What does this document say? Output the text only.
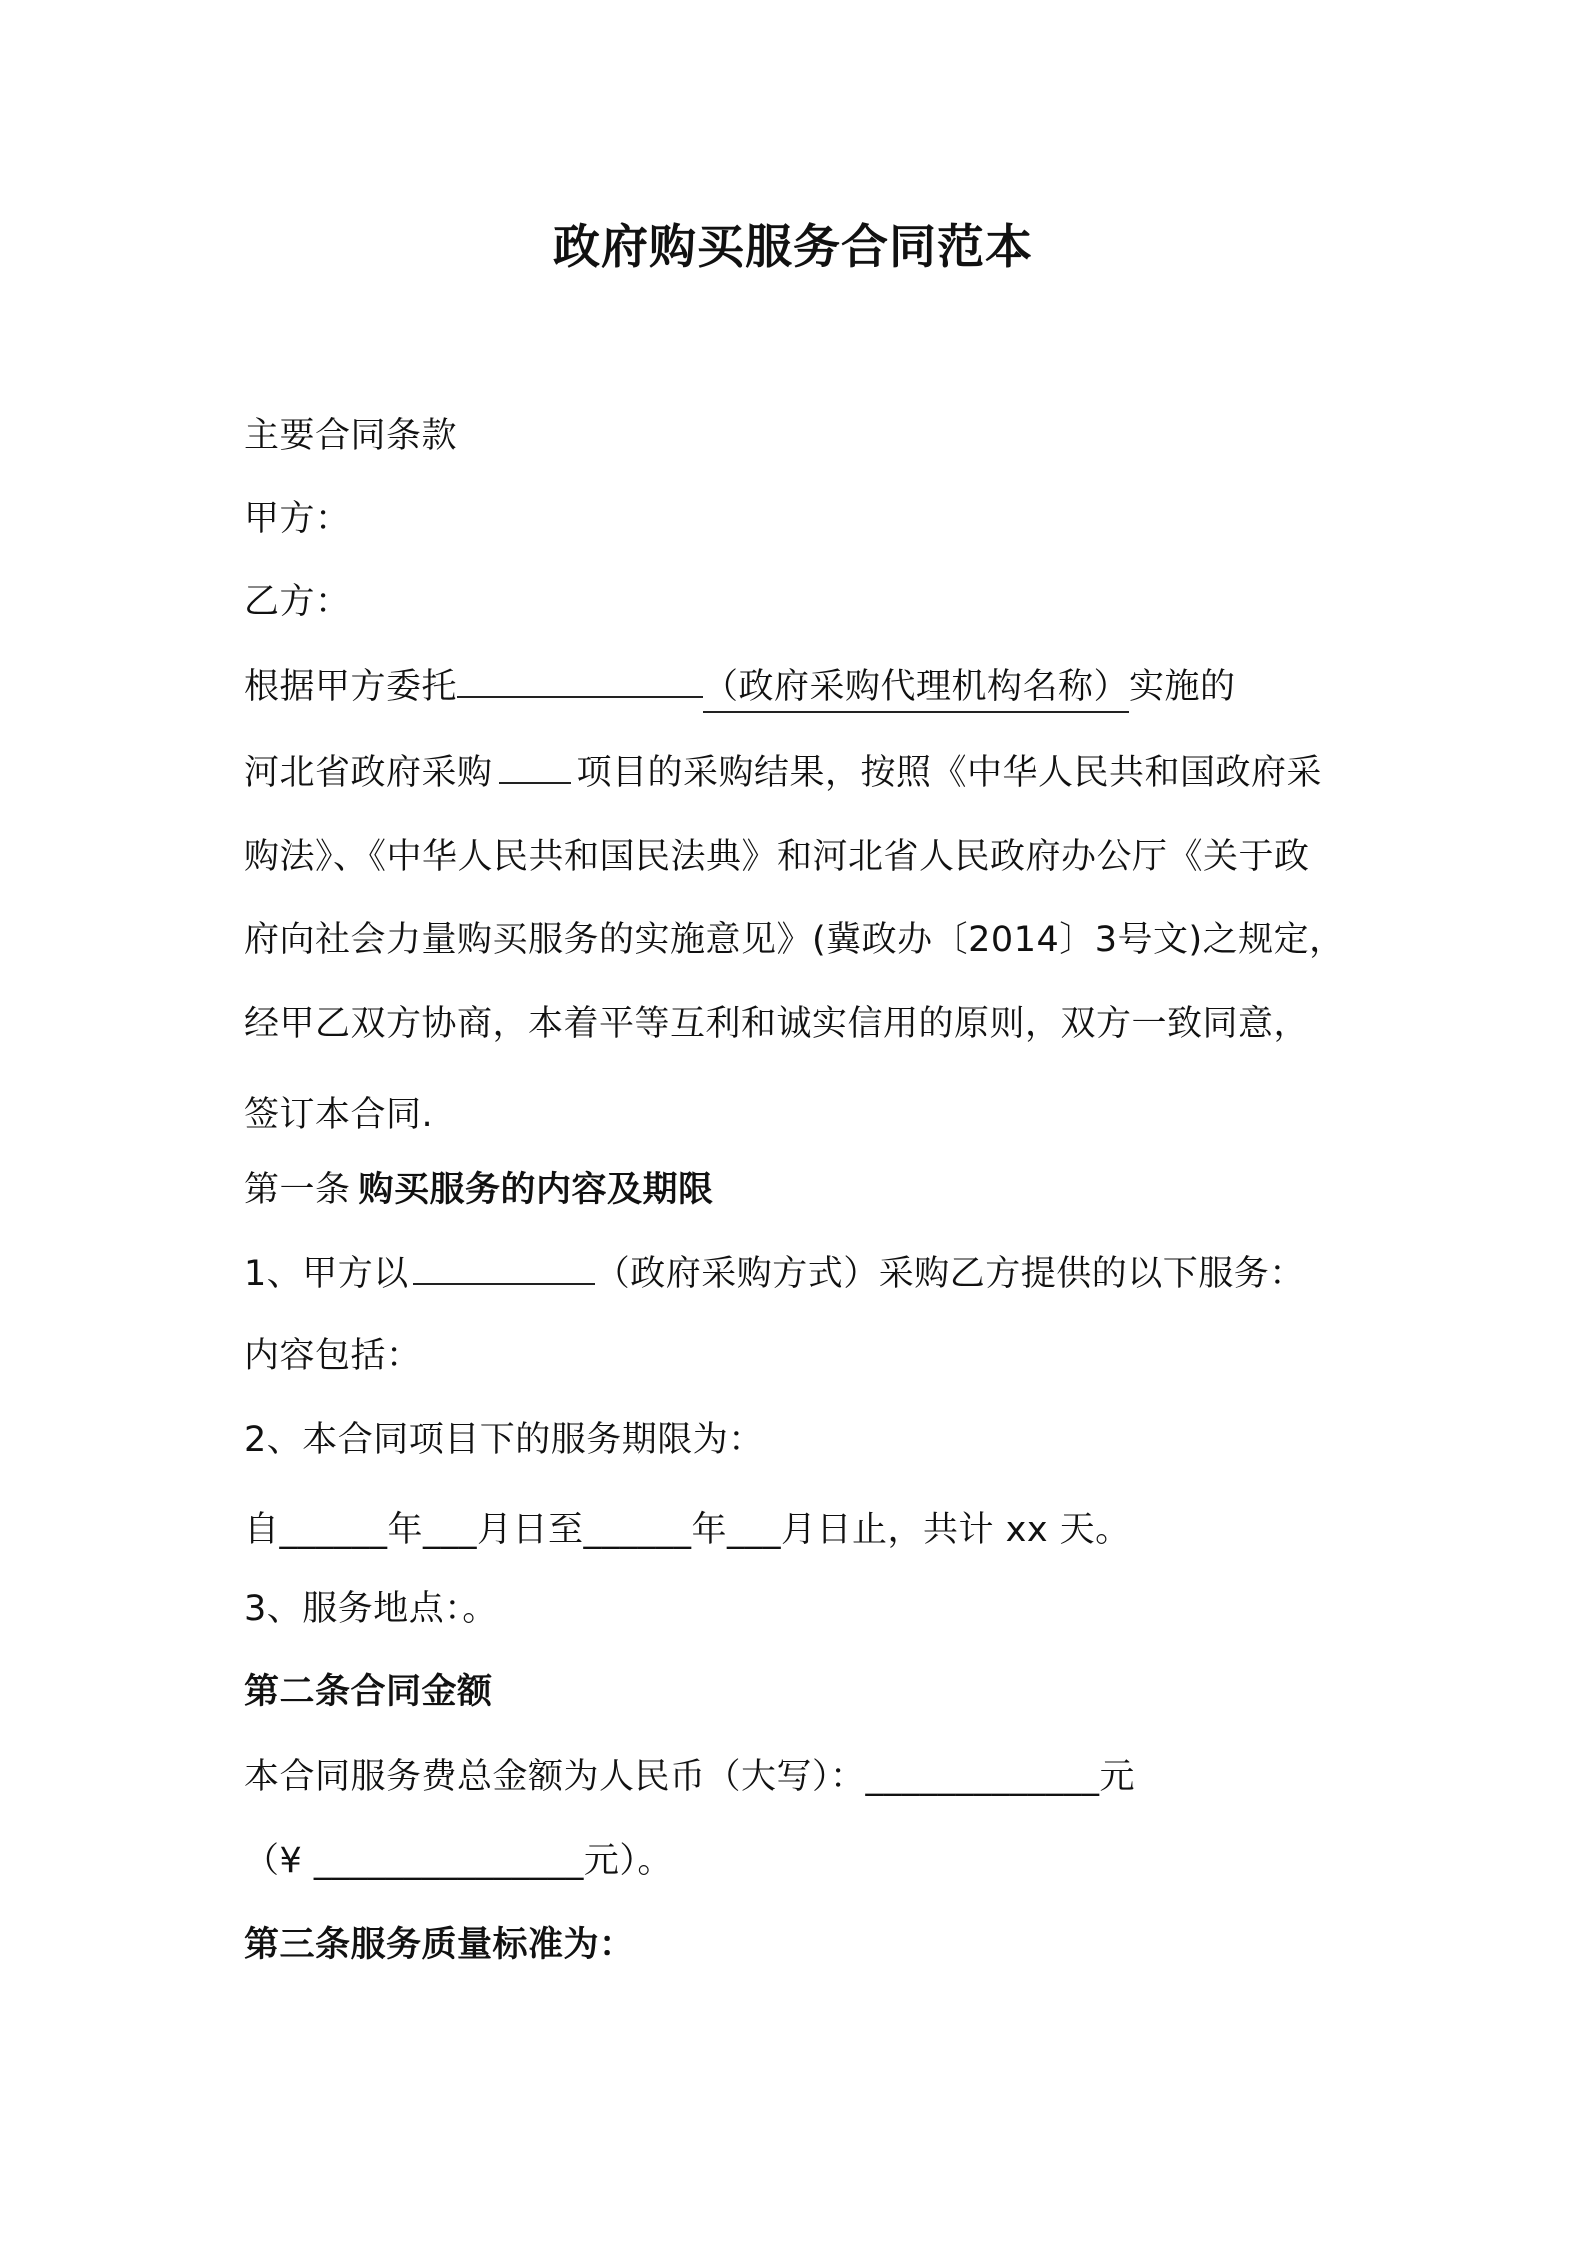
政府购买服务合同范本
主要合同条款
甲方：
乙方：
根据甲方委托	（政府采购代理机构名称）实施的
河北省政府采购 项目的采购结果，按照《中华人民共和国政府采
购法》、《中华人民共和国民法典》和河北省人民政府办公厅《关于政
府向社会力量购买服务的实施意见》(冀政办〔2014〕3号文)之规定，
经甲乙双方协商，本着平等互利和诚实信用的原则，双方一致同意，
签订本合同.
第一条 购买服务的内容及期限
1、甲方以	（政府采购方式）采购乙方提供的以下服务：
内容包括：
2、本合同项目下的服务期限为：
自______年___月日至______年___月日止，共计 xx 天。
3、服务地点：。
第二条合同金额
本合同服务费总金额为人民币（大写）：_____________元
（¥ _______________元）。
第三条服务质量标准为：
